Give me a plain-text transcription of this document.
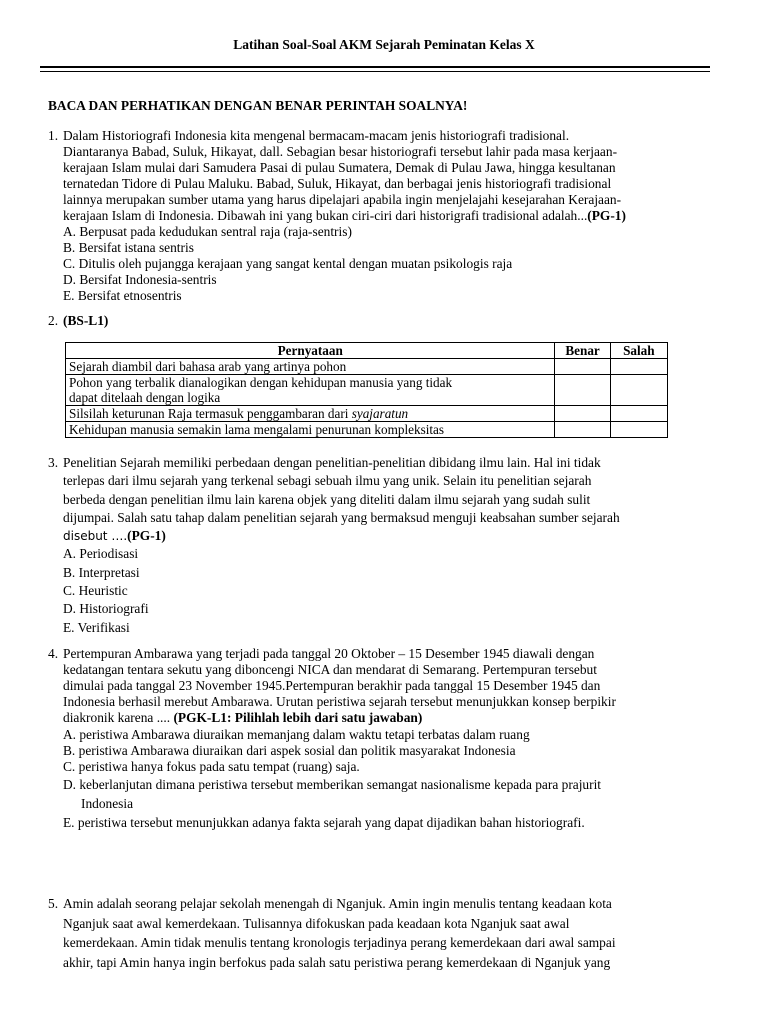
Latihan Soal-Soal AKM Sejarah Peminatan Kelas X
BACA DAN PERHATIKAN DENGAN BENAR PERINTAH SOALNYA!
1. Dalam Historiografi Indonesia kita mengenal bermacam-macam jenis historiografi tradisional.
Diantaranya Babad, Suluk, Hikayat, dall. Sebagian besar historiografi tersebut lahir pada masa kerjaan-
kerajaan Islam mulai dari Samudera Pasai di pulau Sumatera, Demak di Pulau Jawa, hingga kesultanan
ternatedan Tidore di Pulau Maluku. Babad, Suluk, Hikayat, dan berbagai jenis historiografi tradisional
lainnya merupakan sumber utama yang harus dipelajari apabila ingin menjelajahi kesejarahan Kerajaan-
kerajaan Islam di Indonesia. Dibawah ini yang bukan ciri-ciri dari historigrafi tradisional adalah...(PG-1)
A. Berpusat pada kedudukan sentral raja (raja-sentris)
B. Bersifat istana sentris
C. Ditulis oleh pujangga kerajaan yang sangat kental dengan muatan psikologis raja
D. Bersifat Indonesia-sentris
E. Bersifat etnosentris
2. (BS-L1)
Pernyataan	Benar	Salah
Sejarah diambil dari bahasa arab yang artinya pohon		

Pohon yang terbalik dianalogikan dengan kehidupan manusia yang tidak
dapat ditelaah dengan logika		

Silsilah keturunan Raja termasuk penggambaran dari syajaratun		
Kehidupan manusia semakin lama mengalami penurunan kompleksitas		
3. Penelitian Sejarah memiliki perbedaan dengan penelitian-penelitian dibidang ilmu lain. Hal ini tidak
terlepas dari ilmu sejarah yang terkenal sebagi sebuah ilmu yang unik. Selain itu penelitian sejarah
berbeda dengan penelitian ilmu lain karena objek yang diteliti dalam ilmu sejarah yang sudah sulit
dijumpai. Salah satu tahap dalam penelitian sejarah yang bermaksud menguji keabsahan sumber sejarah
disebut ….(PG-1)
A. Periodisasi
B. Interpretasi
C. Heuristic
D. Historiografi
E. Verifikasi
4. Pertempuran Ambarawa yang terjadi pada tanggal 20 Oktober – 15 Desember 1945 diawali dengan
kedatangan tentara sekutu yang diboncengi NICA dan mendarat di Semarang. Pertempuran tersebut
dimulai pada tanggal 23 November 1945.Pertempuran berakhir pada tanggal 15 Desember 1945 dan
Indonesia berhasil merebut Ambarawa. Urutan peristiwa sejarah tersebut menunjukkan konsep berpikir
diakronik karena .... (PGK-L1: Pilihlah lebih dari satu jawaban)
A. peristiwa Ambarawa diuraikan memanjang dalam waktu tetapi terbatas dalam ruang
B. peristiwa Ambarawa diuraikan dari aspek sosial dan politik masyarakat Indonesia
C. peristiwa hanya fokus pada satu tempat (ruang) saja.
D. keberlanjutan dimana peristiwa tersebut memberikan semangat nasionalisme kepada para prajurit
Indonesia
E. peristiwa tersebut menunjukkan adanya fakta sejarah yang dapat dijadikan bahan historiografi.
5. Amin adalah seorang pelajar sekolah menengah di Nganjuk. Amin ingin menulis tentang keadaan kota
Nganjuk saat awal kemerdekaan. Tulisannya difokuskan pada keadaan kota Nganjuk saat awal
kemerdekaan. Amin tidak menulis tentang kronologis terjadinya perang kemerdekaan dari awal sampai
akhir, tapi Amin hanya ingin berfokus pada salah satu peristiwa perang kemerdekaan di Nganjuk yang
